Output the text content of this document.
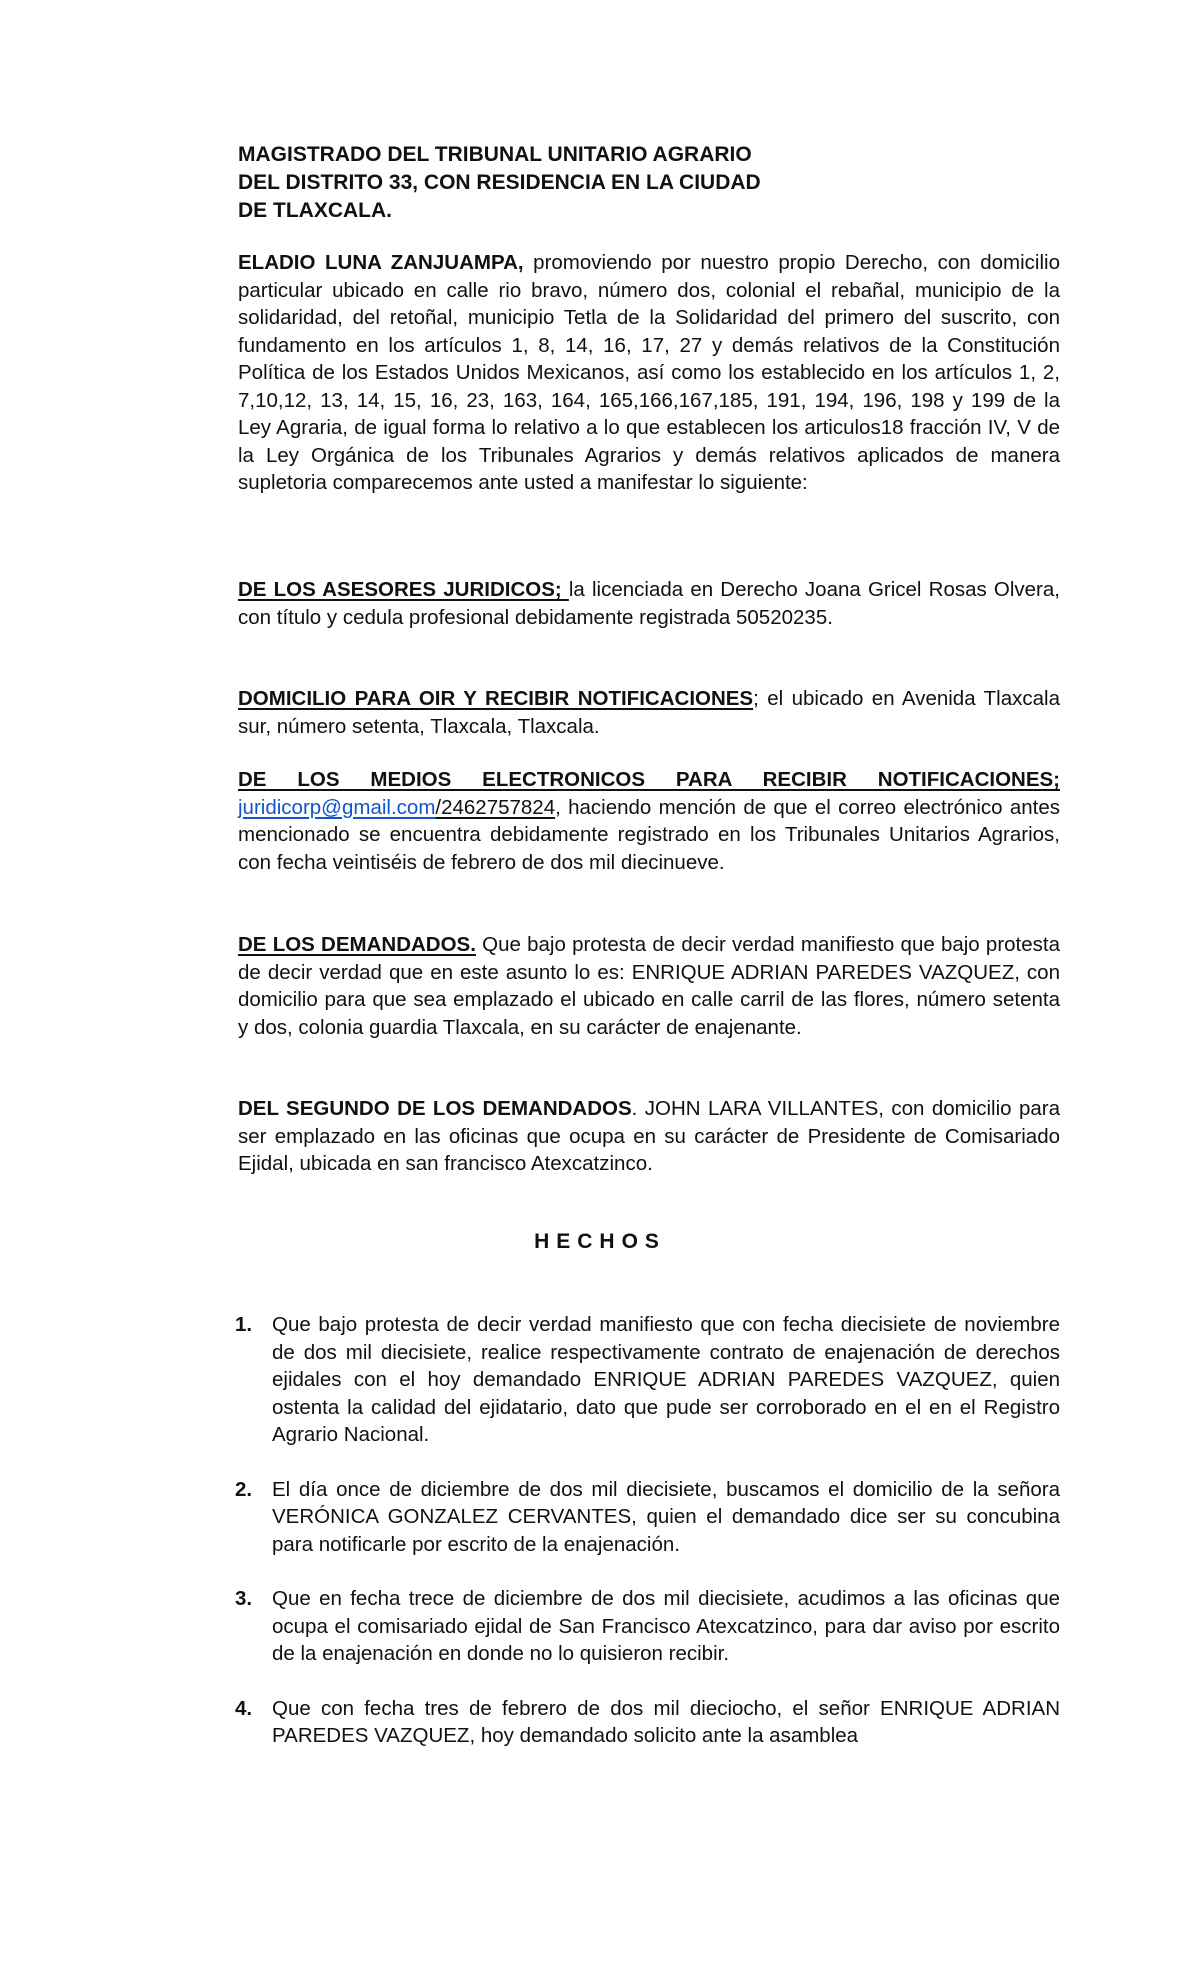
MAGISTRADO DEL TRIBUNAL UNITARIO AGRARIO
DEL DISTRITO 33, CON RESIDENCIA EN LA CIUDAD
DE TLAXCALA.

ELADIO LUNA ZANJUAMPA, promoviendo por nuestro propio Derecho, con domicilio particular ubicado en calle rio bravo, número dos, colonial el rebañal, municipio de la solidaridad, del retoñal, municipio Tetla de la Solidaridad del primero del suscrito, con fundamento en los artículos 1, 8, 14, 16, 17, 27 y demás relativos de la Constitución Política de los Estados Unidos Mexicanos, así como los establecido en los artículos 1, 2, 7,10,12, 13, 14, 15, 16, 23, 163, 164, 165,166,167,185, 191, 194, 196, 198 y 199 de la Ley Agraria, de igual forma lo relativo a lo que establecen los articulos18 fracción IV, V de la Ley Orgánica de los Tribunales Agrarios y demás relativos aplicados de manera supletoria comparecemos ante usted a manifestar lo siguiente:

DE LOS ASESORES JURIDICOS; la licenciada en Derecho Joana Gricel Rosas Olvera, con título y cedula profesional debidamente registrada 50520235.

DOMICILIO PARA OIR Y RECIBIR NOTIFICACIONES; el ubicado en Avenida Tlaxcala sur, número setenta, Tlaxcala, Tlaxcala.

DE LOS MEDIOS ELECTRONICOS PARA RECIBIR NOTIFICACIONES; juridicorp@gmail.com/2462757824, haciendo mención de que el correo electrónico antes mencionado se encuentra debidamente registrado en los Tribunales Unitarios Agrarios, con fecha veintiséis de febrero de dos mil diecinueve.

DE LOS DEMANDADOS. Que bajo protesta de decir verdad manifiesto que bajo protesta de decir verdad que en este asunto lo es: ENRIQUE ADRIAN PAREDES VAZQUEZ, con domicilio para que sea emplazado el ubicado en calle carril de las flores, número setenta y dos, colonia guardia Tlaxcala, en su carácter de enajenante.

DEL SEGUNDO DE LOS DEMANDADOS. JOHN LARA VILLANTES, con domicilio para ser emplazado en las oficinas que ocupa en su carácter de Presidente de Comisariado Ejidal, ubicada en san francisco Atexcatzinco.

HECHOS
1. Que bajo protesta de decir verdad manifiesto que con fecha diecisiete de noviembre de dos mil diecisiete, realice respectivamente contrato de enajenación de derechos ejidales con el hoy demandado ENRIQUE ADRIAN PAREDES VAZQUEZ, quien ostenta la calidad del ejidatario, dato que pude ser corroborado en el en el Registro Agrario Nacional.

2. El día once de diciembre de dos mil diecisiete, buscamos el domicilio de la señora VERÓNICA GONZALEZ CERVANTES, quien el demandado dice ser su concubina para notificarle por escrito de la enajenación.

3. Que en fecha trece de diciembre de dos mil diecisiete, acudimos a las oficinas que ocupa el comisariado ejidal de San Francisco Atexcatzinco, para dar aviso por escrito de la enajenación en donde no lo quisieron recibir.

4. Que con fecha tres de febrero de dos mil dieciocho, el señor ENRIQUE ADRIAN PAREDES VAZQUEZ, hoy demandado solicito ante la asamblea
